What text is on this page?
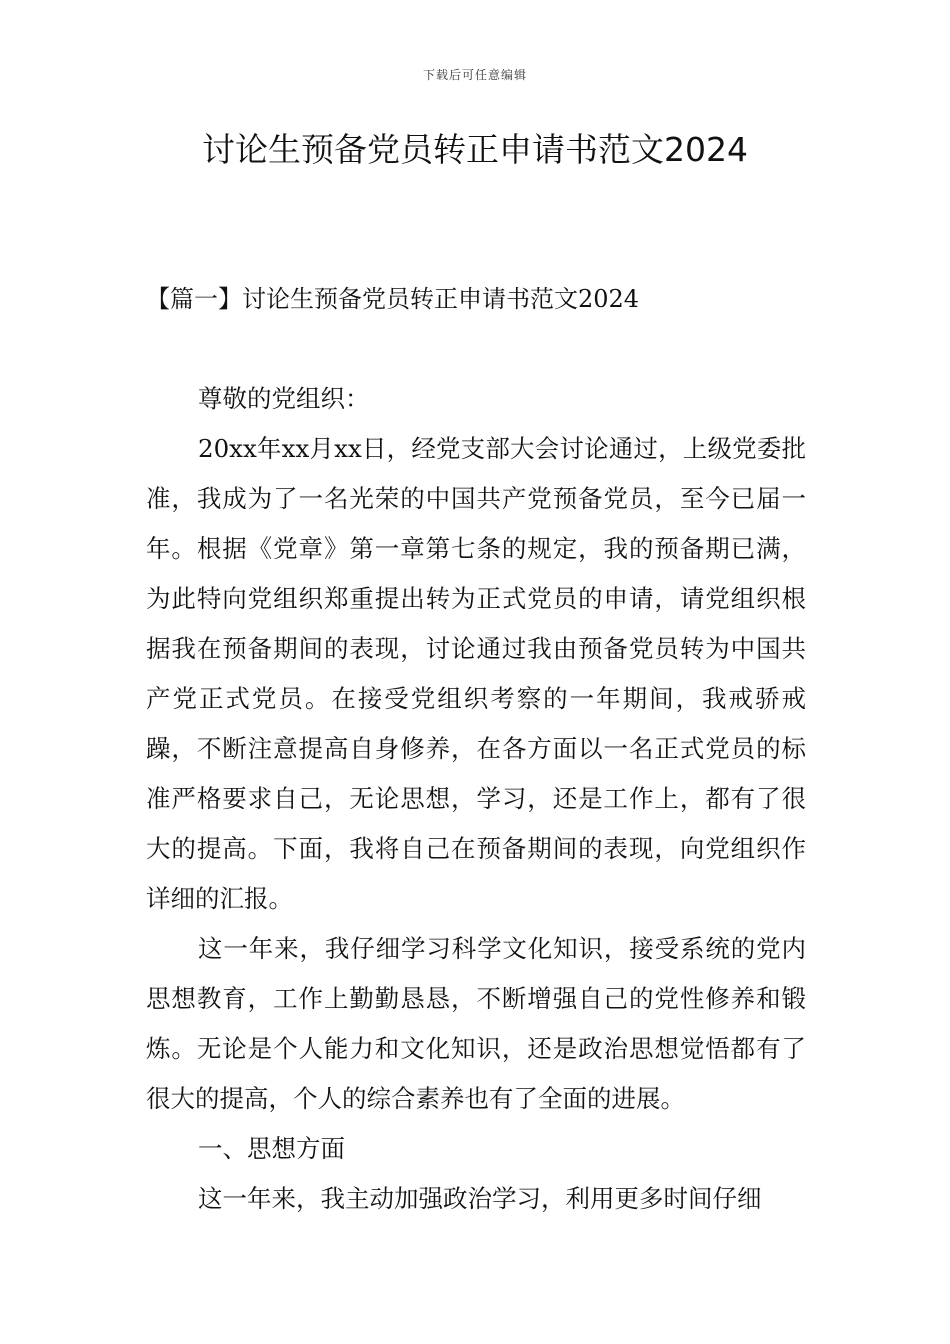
下载后可任意编辑
讨论生预备党员转正申请书范文2024
【篇一】讨论生预备党员转正申请书范文2024

尊敬的党组织：

20xx年xx月xx日，经党支部大会讨论通过，上级党委批准，我成为了一名光荣的中国共产党预备党员，至今已届一年。根据《党章》第一章第七条的规定，我的预备期已满，为此特向党组织郑重提出转为正式党员的申请，请党组织根据我在预备期间的表现，讨论通过我由预备党员转为中国共产党正式党员。在接受党组织考察的一年期间，我戒骄戒躁，不断注意提高自身修养，在各方面以一名正式党员的标准严格要求自己，无论思想，学习，还是工作上，都有了很大的提高。下面，我将自己在预备期间的表现，向党组织作详细的汇报。

这一年来，我仔细学习科学文化知识，接受系统的党内思想教育，工作上勤勤恳恳，不断增强自己的党性修养和锻炼。无论是个人能力和文化知识，还是政治思想觉悟都有了很大的提高，个人的综合素养也有了全面的进展。

一、思想方面

这一年来，我主动加强政治学习，利用更多时间仔细
